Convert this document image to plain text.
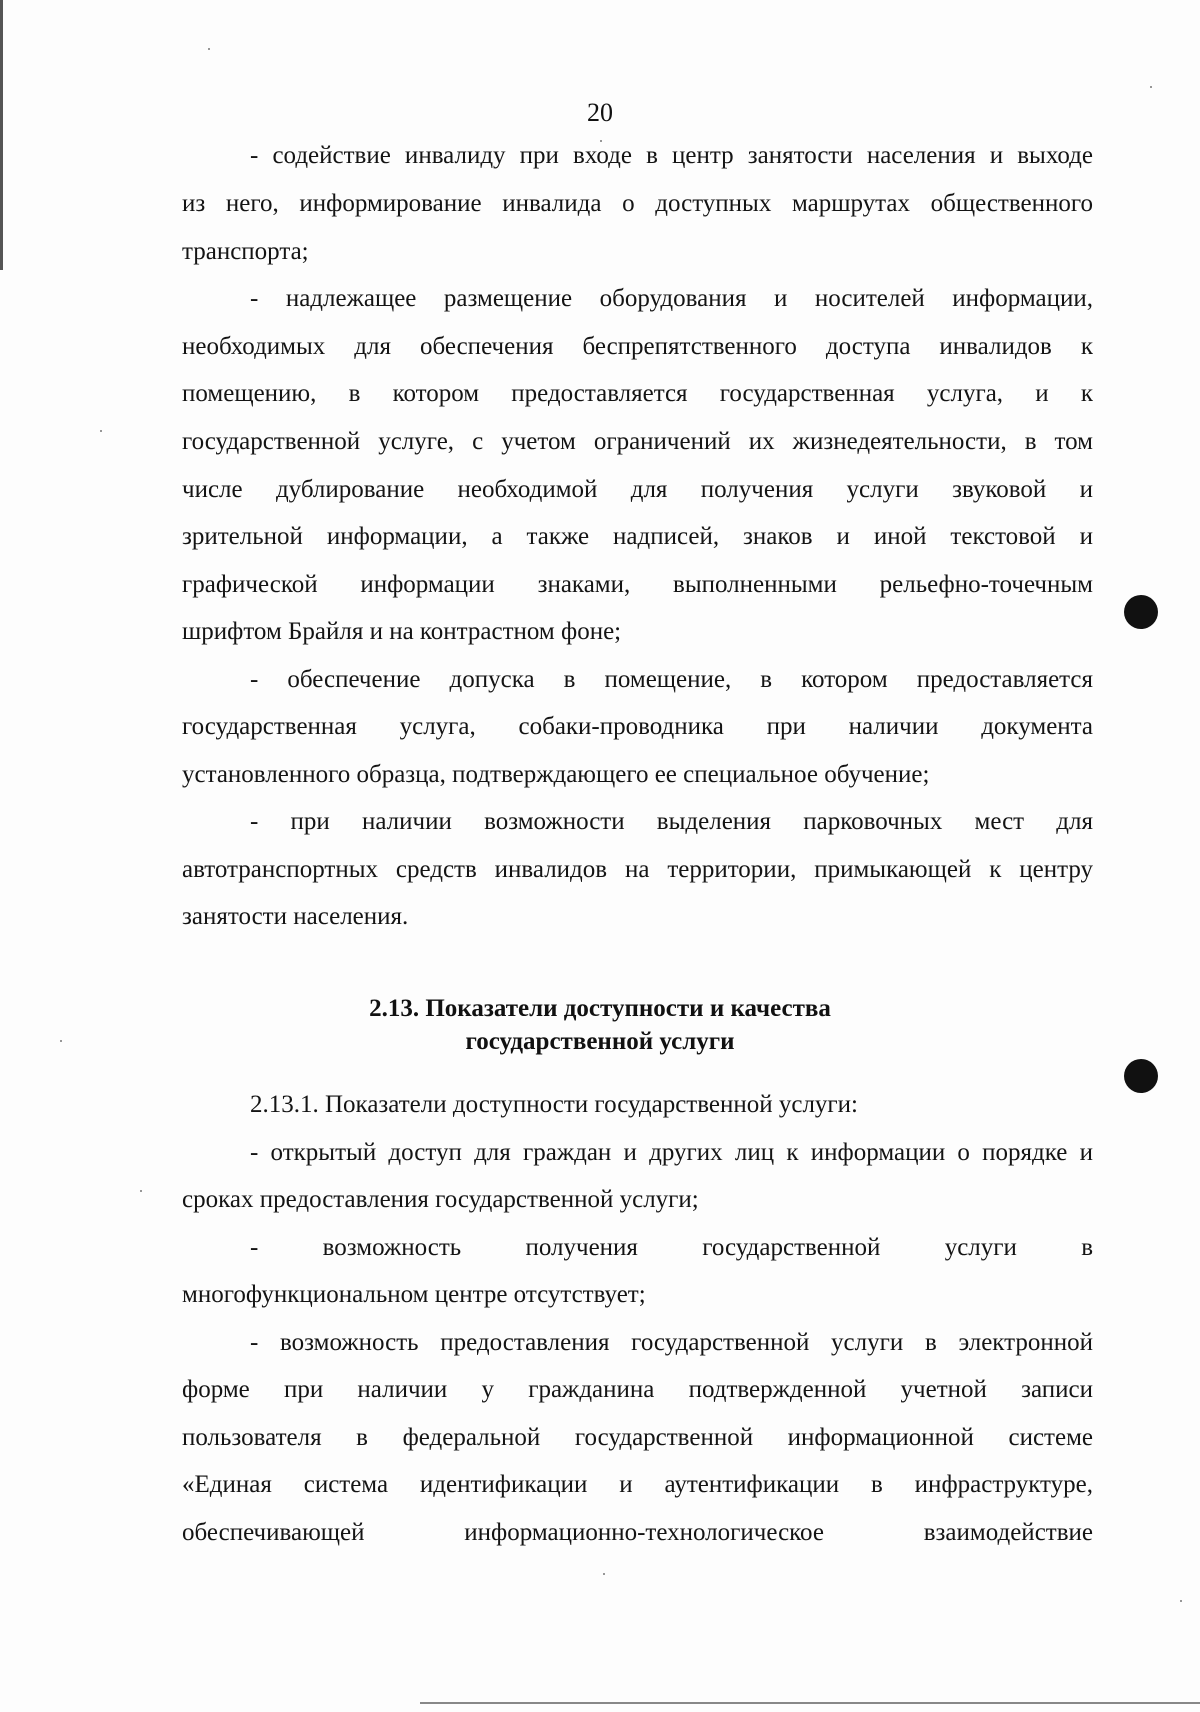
20
- содействие инвалиду при входе в центр занятости населения и выходе
из него, информирование инвалида о доступных маршрутах общественного
транспорта;
- надлежащее размещение оборудования и носителей информации,
необходимых для обеспечения беспрепятственного доступа инвалидов к
помещению, в котором предоставляется государственная услуга, и к
государственной услуге, с учетом ограничений их жизнедеятельности, в том
числе дублирование необходимой для получения услуги звуковой и
зрительной информации, а также надписей, знаков и иной текстовой и
графической информации знаками, выполненными рельефно-точечным
шрифтом Брайля и на контрастном фоне;
- обеспечение допуска в помещение, в котором предоставляется
государственная услуга, собаки-проводника при наличии документа
установленного образца, подтверждающего ее специальное обучение;
- при наличии возможности выделения парковочных мест для
автотранспортных средств инвалидов на территории, примыкающей к центру
занятости населения.
2.13. Показатели доступности и качества
государственной услуги
2.13.1. Показатели доступности государственной услуги:
- открытый доступ для граждан и других лиц к информации о порядке и
сроках предоставления государственной услуги;
- возможность получения государственной услуги в
многофункциональном центре отсутствует;
- возможность предоставления государственной услуги в электронной
форме при наличии у гражданина подтвержденной учетной записи
пользователя в федеральной государственной информационной системе
«Единая система идентификации и аутентификации в инфраструктуре,
обеспечивающей информационно-технологическое взаимодействие
